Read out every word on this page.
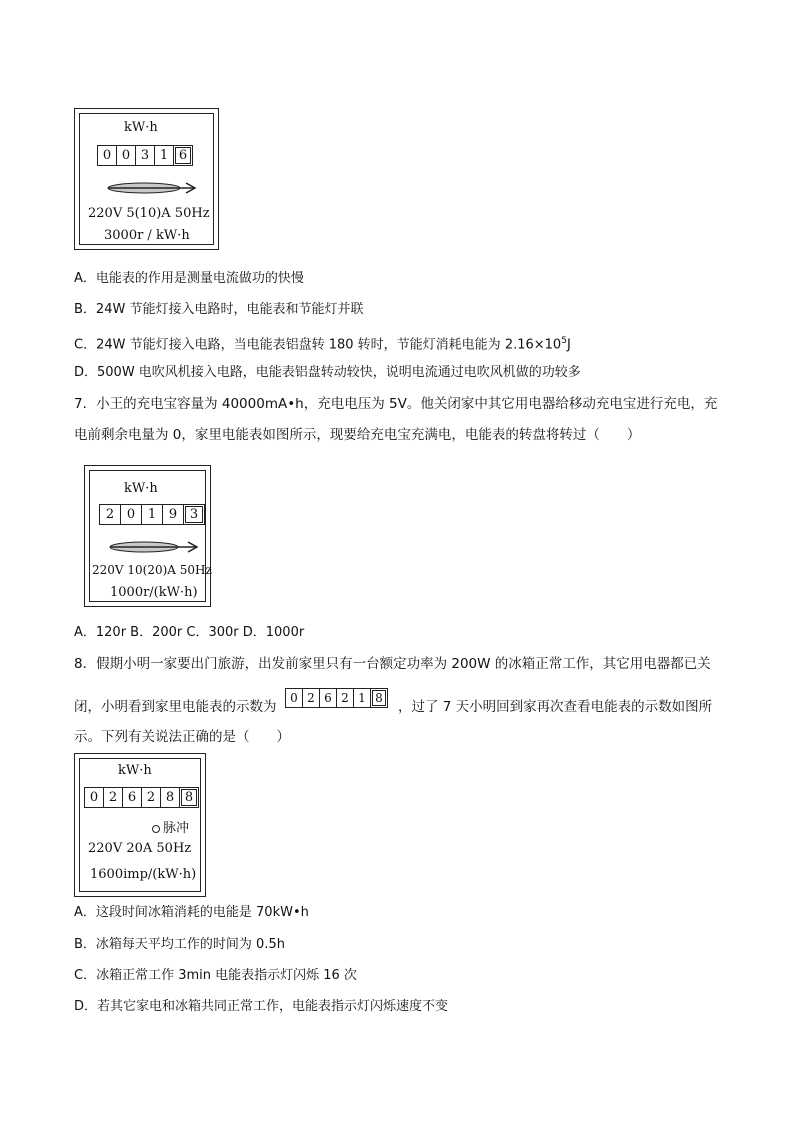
kW·h
0 0 3 1 6
220V 5(10)A 50Hz
3000r / kW·h
A．电能表的作用是测量电流做功的快慢
B．24W 节能灯接入电路时，电能表和节能灯并联
C．24W 节能灯接入电路，当电能表铝盘转 180 转时，节能灯消耗电能为 $2.16\times 10^5J$
D．500W 电吹风机接入电路，电能表铝盘转动较快，说明电流通过电吹风机做的功较多
7．小王的充电宝容量为 40000mA•h，充电电压为 5V。他关闭家中其它用电器给移动充电宝进行充电，充
电前剩余电量为 0，家里电能表如图所示，现要给充电宝充满电，电能表的转盘将转过（　　）
kW·h
2 0 1 9 3
220V 10(20)A 50Hz
1000r/(kW·h)
A．120r B．200r C．300r D．1000r
8．假期小明一家要出门旅游，出发前家里只有一台额定功率为 200W 的冰箱正常工作，其它用电器都已关
闭，小明看到家里电能表的示数为
0 2 6 2 1 8
，过了 7 天小明回到家再次查看电能表的示数如图所
示。下列有关说法正确的是（　　）
kW·h
0 2 6 2 8 8
脉冲
220V 20A 50Hz
1600imp/(kW·h)
A．这段时间冰箱消耗的电能是 70kW•h
B．冰箱每天平均工作的时间为 0.5h
C．冰箱正常工作 3min 电能表指示灯闪烁 16 次
D．若其它家电和冰箱共同正常工作，电能表指示灯闪烁速度不变
